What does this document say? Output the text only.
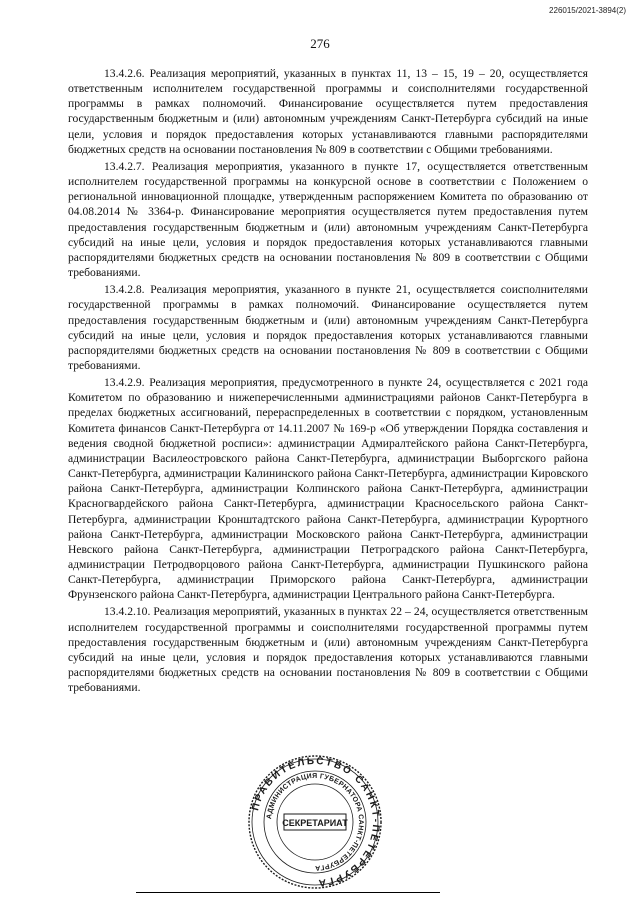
226015/2021-3894(2)
276

13.4.2.6. Реализация мероприятий, указанных в пунктах 11, 13 – 15, 19 – 20, осуществляется ответственным исполнителем государственной программы и соисполнителями государственной программы в рамках полномочий. Финансирование осуществляется путем предоставления государственным бюджетным и (или) автономным учреждениям Санкт-Петербурга субсидий на иные цели, условия и порядок предоставления которых устанавливаются главными распорядителями бюджетных средств на основании постановления № 809 в соответствии с Общими требованиями.

13.4.2.7. Реализация мероприятия, указанного в пункте 17, осуществляется ответственным исполнителем государственной программы на конкурсной основе в соответствии с Положением о региональной инновационной площадке, утвержденным распоряжением Комитета по образованию от 04.08.2014 № 3364-р. Финансирование мероприятия осуществляется путем предоставления путем предоставления государственным бюджетным и (или) автономным учреждениям Санкт-Петербурга субсидий на иные цели, условия и порядок предоставления которых устанавливаются главными распорядителями бюджетных средств на основании постановления № 809 в соответствии с Общими требованиями.

13.4.2.8. Реализация мероприятия, указанного в пункте 21, осуществляется соисполнителями государственной программы в рамках полномочий. Финансирование осуществляется путем предоставления государственным бюджетным и (или) автономным учреждениям Санкт-Петербурга субсидий на иные цели, условия и порядок предоставления которых устанавливаются главными распорядителями бюджетных средств на основании постановления № 809 в соответствии с Общими требованиями.

13.4.2.9. Реализация мероприятия, предусмотренного в пункте 24, осуществляется с 2021 года Комитетом по образованию и нижеперечисленными администрациями районов Санкт-Петербурга в пределах бюджетных ассигнований, перераспределенных в соответствии с порядком, установленным Комитета финансов Санкт-Петербурга от 14.11.2007 № 169-р «Об утверждении Порядка составления и ведения сводной бюджетной росписи»: администрации Адмиралтейского района Санкт-Петербурга, администрации Василеостровского района Санкт-Петербурга, администрации Выборгского района Санкт-Петербурга, администрации Калининского района Санкт-Петербурга, администрации Кировского района Санкт-Петербурга, администрации Колпинского района Санкт-Петербурга, администрации Красногвардейского района Санкт-Петербурга, администрации Красносельского района Санкт-Петербурга, администрации Кронштадтского района Санкт-Петербурга, администрации Курортного района Санкт-Петербурга, администрации Московского района Санкт-Петербурга, администрации Невского района Санкт-Петербурга, администрации Петроградского района Санкт-Петербурга, администрации Петродворцового района Санкт-Петербурга, администрации Пушкинского района Санкт-Петербурга, администрации Приморского района Санкт-Петербурга, администрации Фрунзенского района Санкт-Петербурга, администрации Центрального района Санкт-Петербурга.

13.4.2.10. Реализация мероприятий, указанных в пунктах 22 – 24, осуществляется ответственным исполнителем государственной программы и соисполнителями государственной программы путем предоставления государственным бюджетным и (или) автономным учреждениям Санкт-Петербурга субсидий на иные цели, условия и порядок предоставления которых устанавливаются главными распорядителями бюджетных средств на основании постановления № 809 в соответствии с Общими требованиями.

ПРАВИТЕЛЬСТВО САНКТ-ПЕТЕРБУРГА
АДМИНИСТРАЦИЯ ГУБЕРНАТОРА САНКТ-ПЕТЕРБУРГА
СЕКРЕТАРИАТ
